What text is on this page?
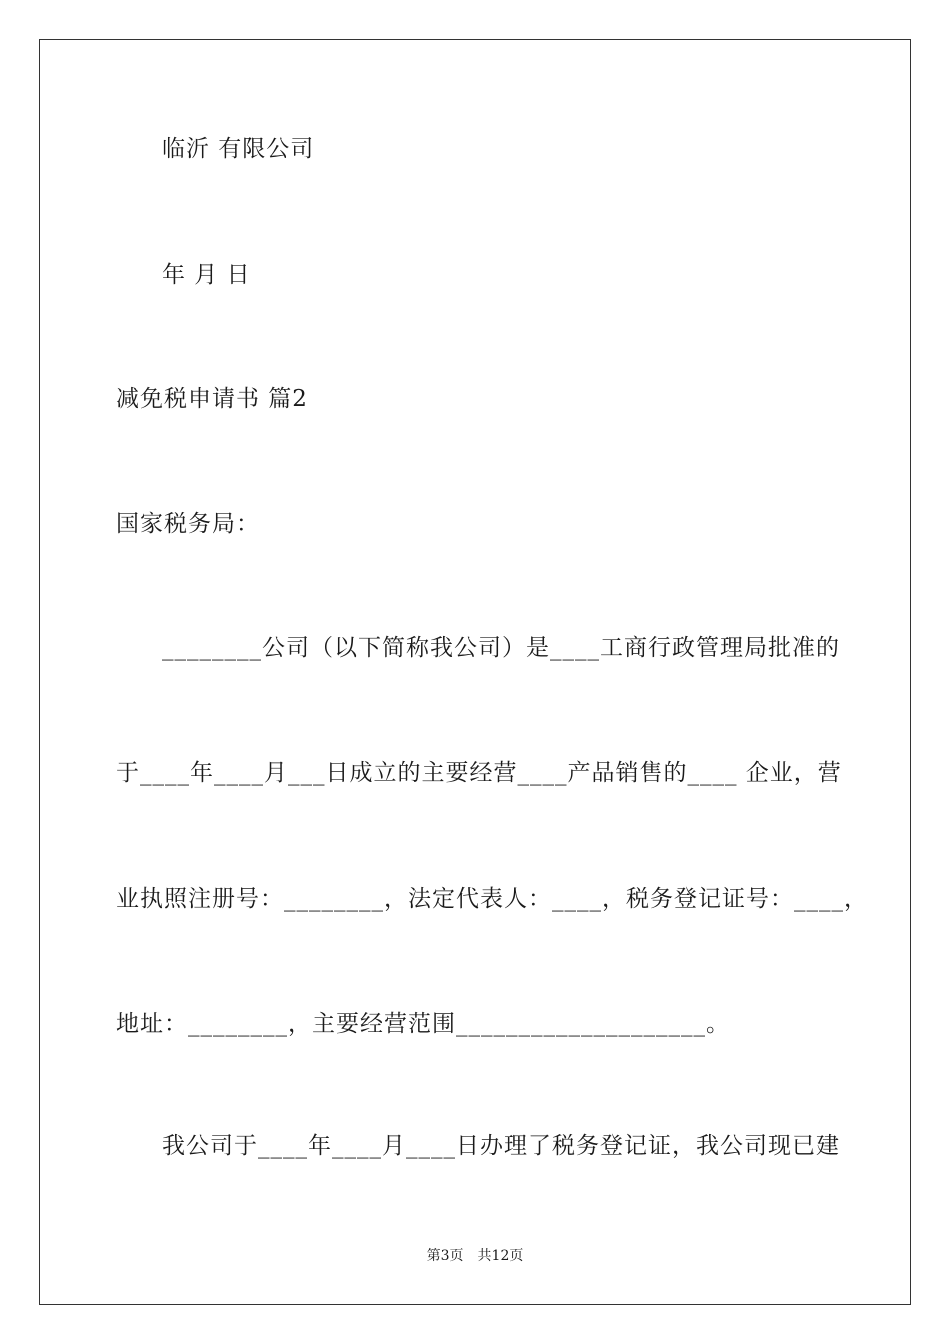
临沂 有限公司
年 月 日
减免税申请书 篇2
国家税务局：
________公司（以下简称我公司）是____工商行政管理局批准的
于____年____月___日成立的主要经营____产品销售的____ 企业，营
业执照注册号：________，法定代表人：____，税务登记证号：____，
地址：________，主要经营范围____________________。
我公司于____年____月____日办理了税务登记证，我公司现已建
第3页　共12页
